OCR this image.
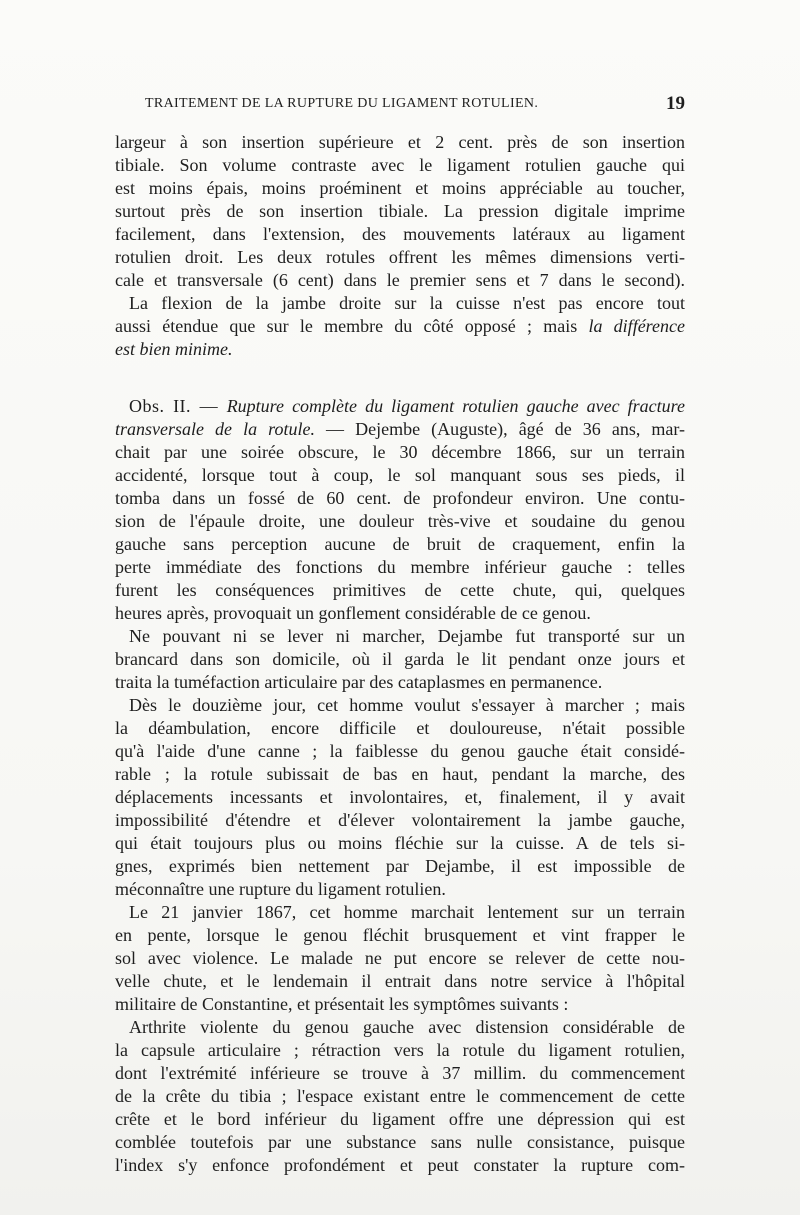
TRAITEMENT DE LA RUPTURE DU LIGAMENT ROTULIEN.	19
largeur à son insertion supérieure et 2 cent. près de son insertion
tibiale. Son volume contraste avec le ligament rotulien gauche qui
est moins épais, moins proéminent et moins appréciable au toucher,
surtout près de son insertion tibiale. La pression digitale imprime
facilement, dans l'extension, des mouvements latéraux au ligament
rotulien droit. Les deux rotules offrent les mêmes dimensions verti-
cale et transversale (6 cent) dans le premier sens et 7 dans le second).
La flexion de la jambe droite sur la cuisse n'est pas encore tout
aussi étendue que sur le membre du côté opposé ; mais la différence
est bien minime.
Obs. II. — Rupture complète du ligament rotulien gauche avec fracture
transversale de la rotule. — Dejembe (Auguste), âgé de 36 ans, mar-
chait par une soirée obscure, le 30 décembre 1866, sur un terrain
accidenté, lorsque tout à coup, le sol manquant sous ses pieds, il
tomba dans un fossé de 60 cent. de profondeur environ. Une contu-
sion de l'épaule droite, une douleur très-vive et soudaine du genou
gauche sans perception aucune de bruit de craquement, enfin la
perte immédiate des fonctions du membre inférieur gauche : telles
furent les conséquences primitives de cette chute, qui, quelques
heures après, provoquait un gonflement considérable de ce genou.
Ne pouvant ni se lever ni marcher, Dejambe fut transporté sur un
brancard dans son domicile, où il garda le lit pendant onze jours et
traita la tuméfaction articulaire par des cataplasmes en permanence.
Dès le douzième jour, cet homme voulut s'essayer à marcher ; mais
la déambulation, encore difficile et douloureuse, n'était possible
qu'à l'aide d'une canne ; la faiblesse du genou gauche était considé-
rable ; la rotule subissait de bas en haut, pendant la marche, des
déplacements incessants et involontaires, et, finalement, il y avait
impossibilité d'étendre et d'élever volontairement la jambe gauche,
qui était toujours plus ou moins fléchie sur la cuisse. A de tels si-
gnes, exprimés bien nettement par Dejambe, il est impossible de
méconnaître une rupture du ligament rotulien.
Le 21 janvier 1867, cet homme marchait lentement sur un terrain
en pente, lorsque le genou fléchit brusquement et vint frapper le
sol avec violence. Le malade ne put encore se relever de cette nou-
velle chute, et le lendemain il entrait dans notre service à l'hôpital
militaire de Constantine, et présentait les symptômes suivants :
Arthrite violente du genou gauche avec distension considérable de
la capsule articulaire ; rétraction vers la rotule du ligament rotulien,
dont l'extrémité inférieure se trouve à 37 millim. du commencement
de la crête du tibia ; l'espace existant entre le commencement de cette
crête et le bord inférieur du ligament offre une dépression qui est
comblée toutefois par une substance sans nulle consistance, puisque
l'index s'y enfonce profondément et peut constater la rupture com-
